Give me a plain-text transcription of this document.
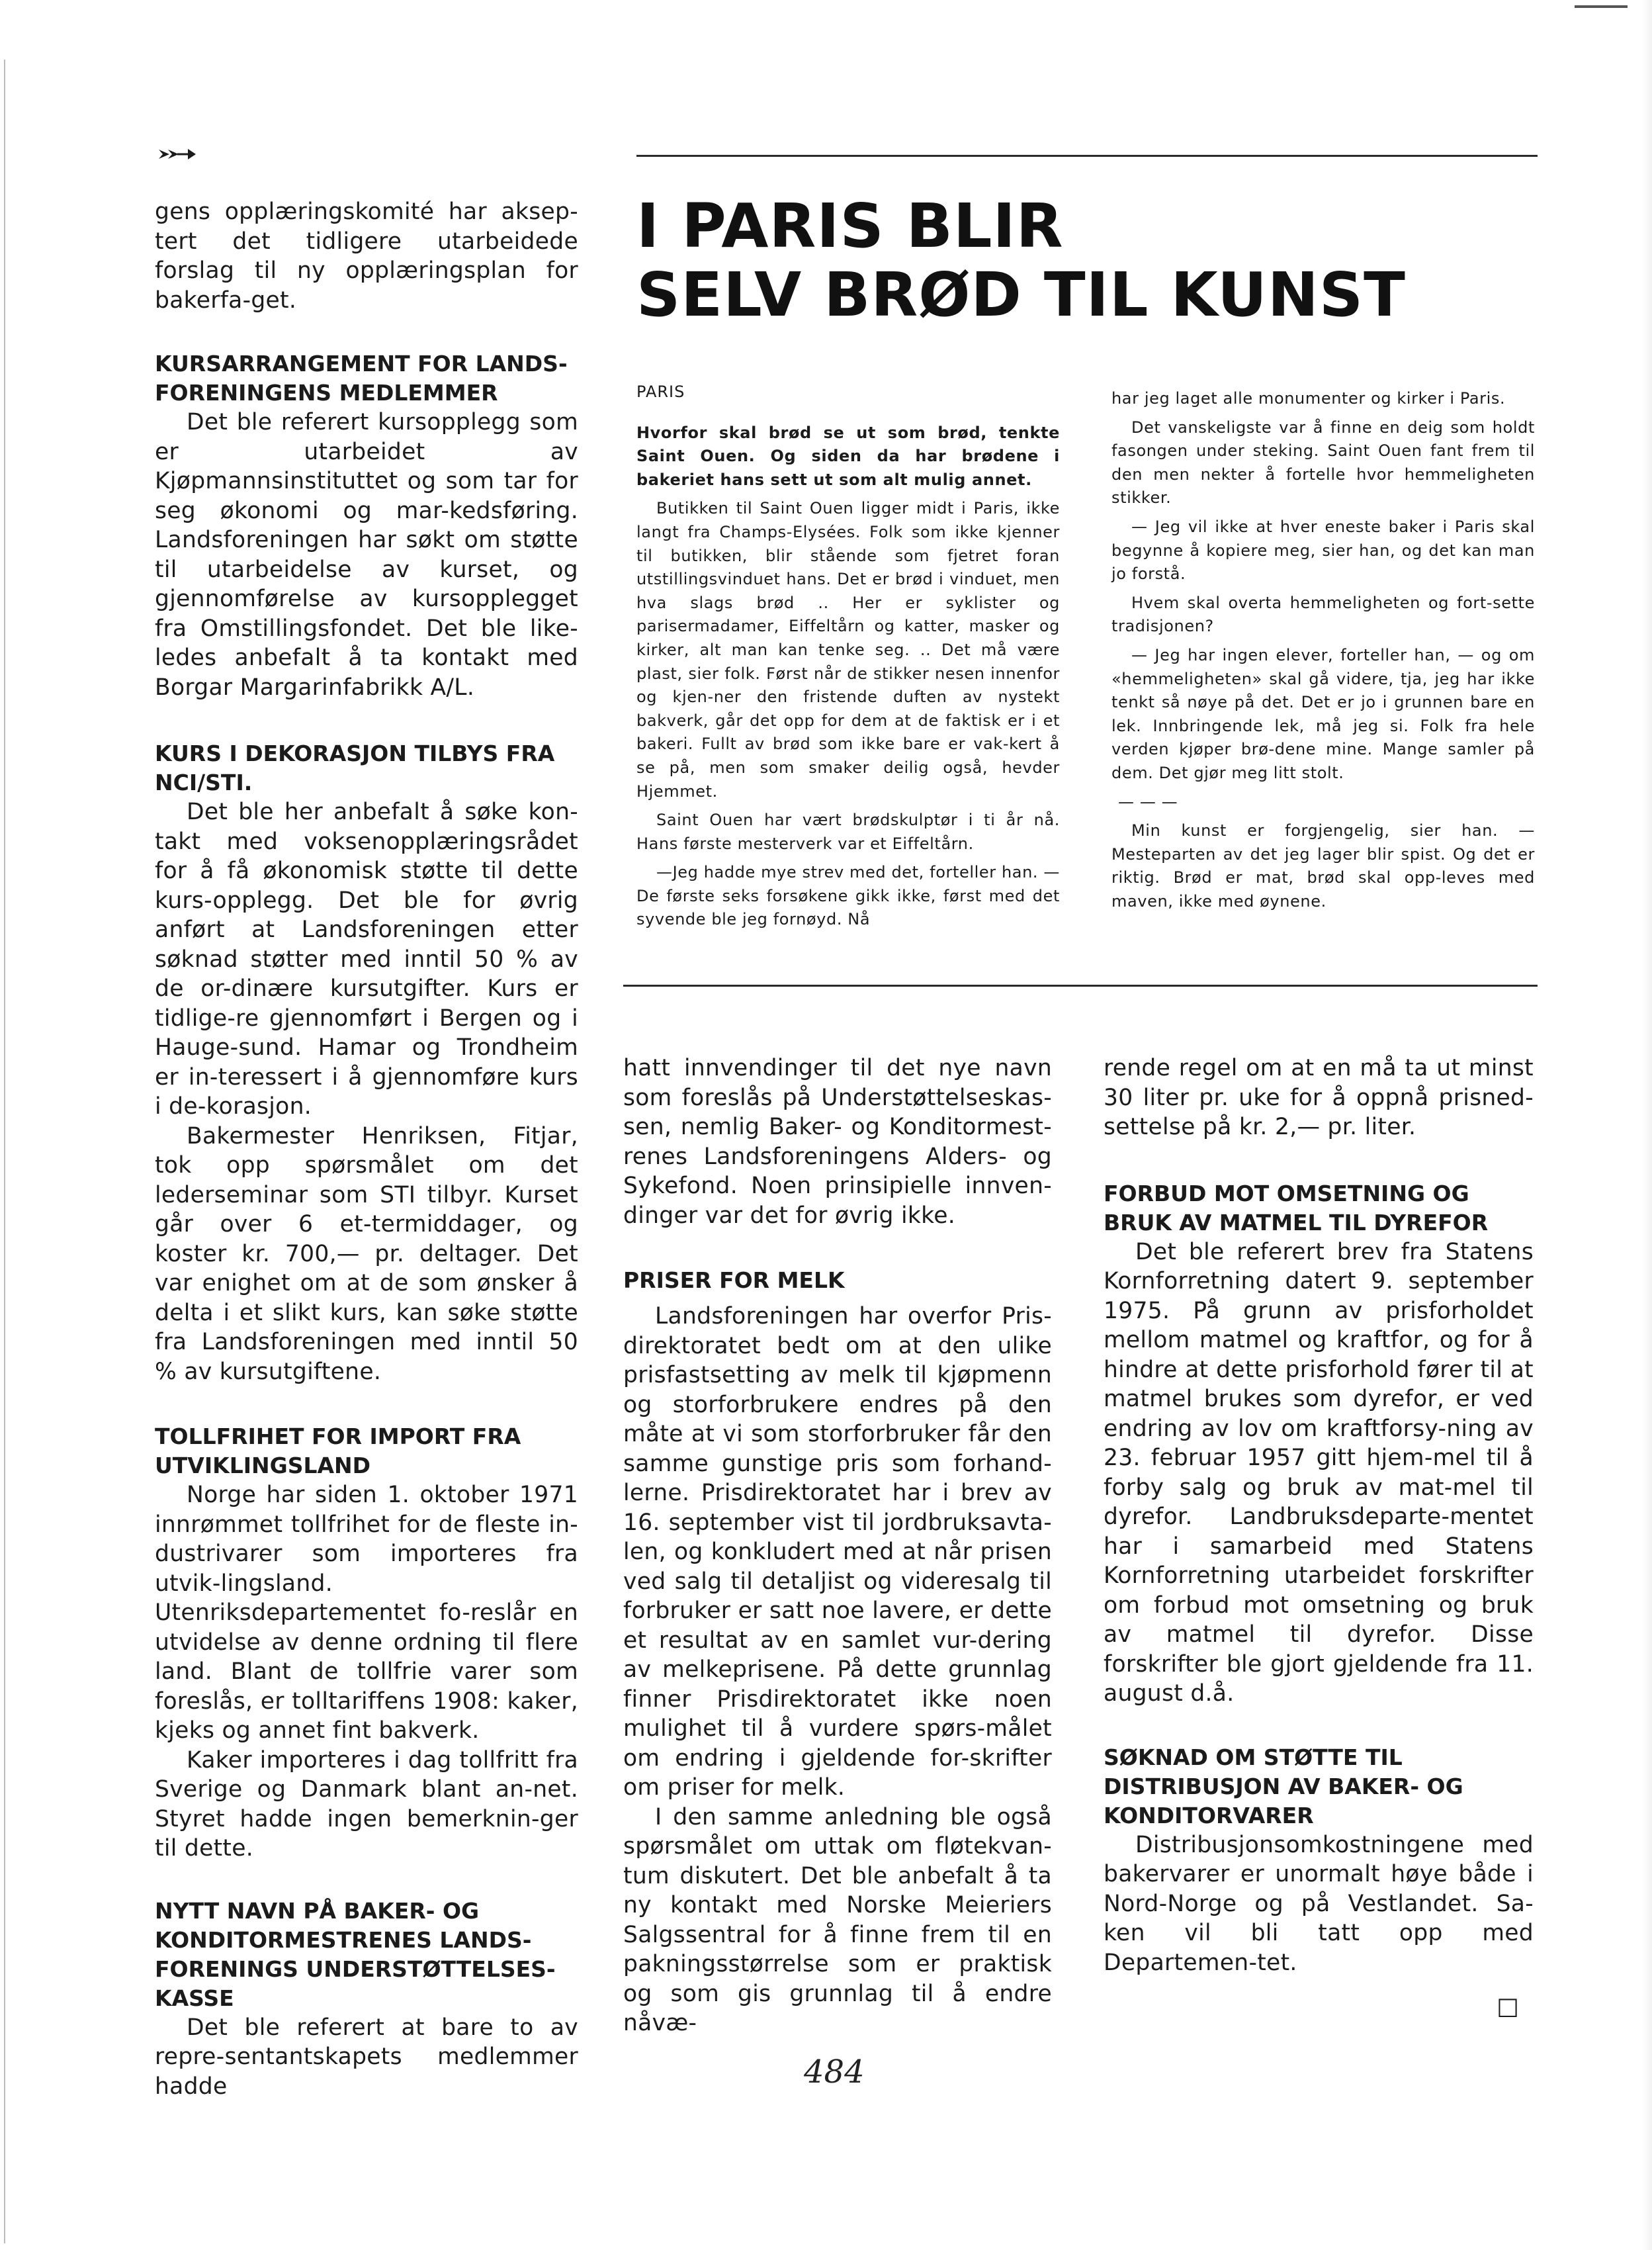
gens opplæringskomité har aksep-tert det tidligere utarbeidede forslag til ny opplæringsplan for bakerfa-get.

KURSARRANGEMENT FOR LANDS-FORENINGENS MEDLEMMER

Det ble referert kursopplegg som er utarbeidet av Kjøpmannsinstituttet og som tar for seg økonomi og mar-kedsføring. Landsforeningen har søkt om støtte til utarbeidelse av kurset, og gjennomførelse av kursopplegget fra Omstillingsfondet. Det ble like-ledes anbefalt å ta kontakt med Borgar Margarinfabrikk A/L.

KURS I DEKORASJON TILBYS FRA NCI/STI.

Det ble her anbefalt å søke kon-takt med voksenopplæringsrådet for å få økonomisk støtte til dette kurs-opplegg. Det ble for øvrig anført at Landsforeningen etter søknad støtter med inntil 50 % av de or-dinære kursutgifter. Kurs er tidlige-re gjennomført i Bergen og i Hauge-sund. Hamar og Trondheim er in-teressert i å gjennomføre kurs i de-korasjon.

Bakermester Henriksen, Fitjar, tok opp spørsmålet om det lederseminar som STI tilbyr. Kurset går over 6 et-termiddager, og koster kr. 700,— pr. deltager. Det var enighet om at de som ønsker å delta i et slikt kurs, kan søke støtte fra Landsforeningen med inntil 50 % av kursutgiftene.

TOLLFRIHET FOR IMPORT FRA UTVIKLINGSLAND

Norge har siden 1. oktober 1971 innrømmet tollfrihet for de fleste in-dustrivarer som importeres fra utvik-lingsland. Utenriksdepartementet fo-reslår en utvidelse av denne ordning til flere land. Blant de tollfrie varer som foreslås, er tolltariffens 1908: kaker, kjeks og annet fint bakverk.

Kaker importeres i dag tollfritt fra Sverige og Danmark blant an-net. Styret hadde ingen bemerknin-ger til dette.

NYTT NAVN PÅ BAKER- OG KONDITORMESTRENES LANDS-FORENINGS UNDERSTØTTELSES-KASSE

Det ble referert at bare to av repre-sentantskapets medlemmer hadde

I PARIS BLIR
SELV BRØD TIL KUNST

PARIS

Hvorfor skal brød se ut som brød, tenkte Saint Ouen. Og siden da har brødene i bakeriet hans sett ut som alt mulig annet.

Butikken til Saint Ouen ligger midt i Paris, ikke langt fra Champs-Elysées. Folk som ikke kjenner til butikken, blir stående som fjetret foran utstillingsvinduet hans. Det er brød i vinduet, men hva slags brød .. Her er syklister og parisermadamer, Eiffeltårn og katter, masker og kirker, alt man kan tenke seg. .. Det må være plast, sier folk. Først når de stikker nesen innenfor og kjen-ner den fristende duften av nystekt bakverk, går det opp for dem at de faktisk er i et bakeri. Fullt av brød som ikke bare er vak-kert å se på, men som smaker deilig også, hevder Hjemmet.

Saint Ouen har vært brødskulptør i ti år nå. Hans første mesterverk var et Eiffeltårn.

—Jeg hadde mye strev med det, forteller han. — De første seks forsøkene gikk ikke, først med det syvende ble jeg fornøyd. Nå

har jeg laget alle monumenter og kirker i Paris.

Det vanskeligste var å finne en deig som holdt fasongen under steking. Saint Ouen fant frem til den men nekter å fortelle hvor hemmeligheten stikker.

— Jeg vil ikke at hver eneste baker i Paris skal begynne å kopiere meg, sier han, og det kan man jo forstå.

Hvem skal overta hemmeligheten og fort-sette tradisjonen?

— Jeg har ingen elever, forteller han, — og om «hemmeligheten» skal gå videre, tja, jeg har ikke tenkt så nøye på det. Det er jo i grunnen bare en lek. Innbringende lek, må jeg si. Folk fra hele verden kjøper brø-dene mine. Mange samler på dem. Det gjør meg litt stolt.

— — —

Min kunst er forgjengelig, sier han. — Mesteparten av det jeg lager blir spist. Og det er riktig. Brød er mat, brød skal opp-leves med maven, ikke med øynene.

hatt innvendinger til det nye navn som foreslås på Understøttelseskas-sen, nemlig Baker- og Konditormest-renes Landsforeningens Alders- og Sykefond. Noen prinsipielle innven-dinger var det for øvrig ikke.

PRISER FOR MELK

Landsforeningen har overfor Pris-direktoratet bedt om at den ulike prisfastsetting av melk til kjøpmenn og storforbrukere endres på den måte at vi som storforbruker får den samme gunstige pris som forhand-lerne. Prisdirektoratet har i brev av 16. september vist til jordbruksavta-len, og konkludert med at når prisen ved salg til detaljist og videresalg til forbruker er satt noe lavere, er dette et resultat av en samlet vur-dering av melkeprisene. På dette grunnlag finner Prisdirektoratet ikke noen mulighet til å vurdere spørs-målet om endring i gjeldende for-skrifter om priser for melk.

I den samme anledning ble også spørsmålet om uttak om fløtekvan-tum diskutert. Det ble anbefalt å ta ny kontakt med Norske Meieriers Salgssentral for å finne frem til en pakningsstørrelse som er praktisk og som gis grunnlag til å endre nåvæ-

rende regel om at en må ta ut minst 30 liter pr. uke for å oppnå prisned-settelse på kr. 2,— pr. liter.

FORBUD MOT OMSETNING OG BRUK AV MATMEL TIL DYREFOR

Det ble referert brev fra Statens Kornforretning datert 9. september 1975. På grunn av prisforholdet mellom matmel og kraftfor, og for å hindre at dette prisforhold fører til at matmel brukes som dyrefor, er ved endring av lov om kraftforsy-ning av 23. februar 1957 gitt hjem-mel til å forby salg og bruk av mat-mel til dyrefor. Landbruksdeparte-mentet har i samarbeid med Statens Kornforretning utarbeidet forskrifter om forbud mot omsetning og bruk av matmel til dyrefor. Disse forskrifter ble gjort gjeldende fra 11. august d.å.

SØKNAD OM STØTTE TIL DISTRIBUSJON AV BAKER- OG KONDITORVARER

Distribusjonsomkostningene med bakervarer er unormalt høye både i Nord-Norge og på Vestlandet. Sa-ken vil bli tatt opp med Departemen-tet.

☐
484
